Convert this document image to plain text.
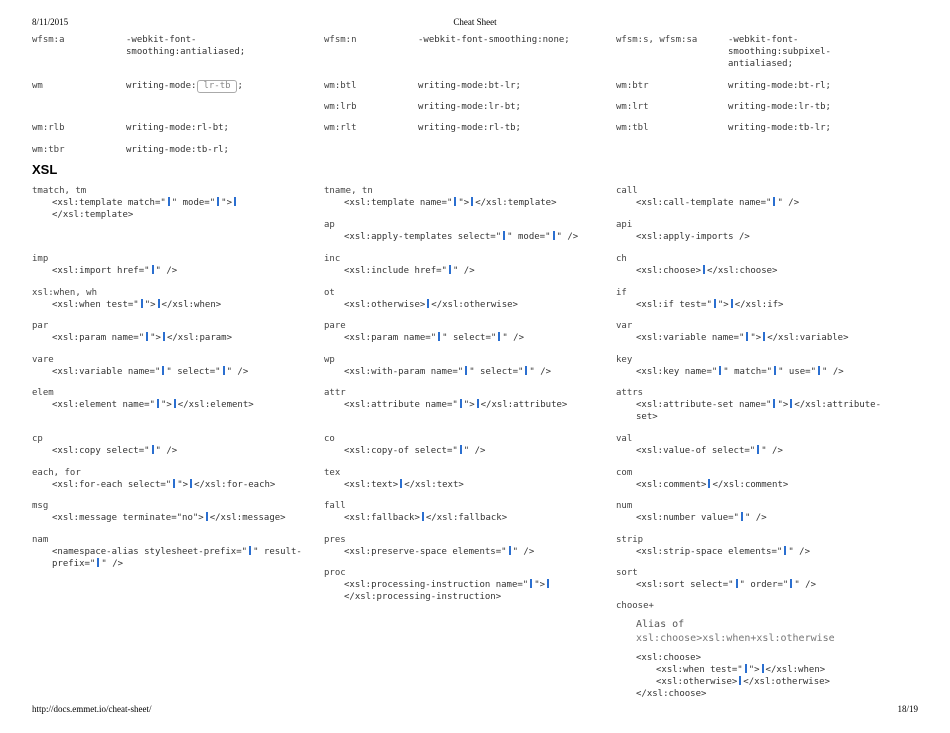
8/11/2015	Cheat Sheet
wfsm:a	-webkit-font-
smoothing:antialiased;
wm	writing-mode: lr-tb ;
wm:rlb	writing-mode:rl-bt;
wm:tbr	writing-mode:tb-rl;
wfsm:n	-webkit-font-smoothing:none;
wm:btl	writing-mode:bt-lr;
wm:lrb	writing-mode:lr-bt;
wm:rlt	writing-mode:rl-tb;
wfsm:s, wfsm:sa	-webkit-font-
smoothing:subpixel-
antialiased;
wm:btr	writing-mode:bt-rl;
wm:lrt	writing-mode:lr-tb;
wm:tbl	writing-mode:tb-lr;
XSL
tmatch, tm
<xsl:template match=" " mode=" ">
</xsl:template>
imp
<xsl:import href=" " />
xsl:when, wh
<xsl:when test=" "> </xsl:when>
par
<xsl:param name=" "> </xsl:param>
vare
<xsl:variable name=" " select=" " />
elem
<xsl:element name=" "> </xsl:element>
cp
<xsl:copy select=" " />
each, for
<xsl:for-each select=" "> </xsl:for-each>
msg
<xsl:message terminate="no"> </xsl:message>
nam
<namespace-alias stylesheet-prefix=" " result-
prefix=" " />
tname, tn
<xsl:template name=" "> </xsl:template>
ap
<xsl:apply-templates select=" " mode=" " />
inc
<xsl:include href=" " />
ot
<xsl:otherwise> </xsl:otherwise>
pare
<xsl:param name=" " select=" " />
wp
<xsl:with-param name=" " select=" " />
attr
<xsl:attribute name=" "> </xsl:attribute>
co
<xsl:copy-of select=" " />
tex
<xsl:text> </xsl:text>
fall
<xsl:fallback> </xsl:fallback>
pres
<xsl:preserve-space elements=" " />
proc
<xsl:processing-instruction name=" ">
</xsl:processing-instruction>
call
<xsl:call-template name=" " />
api
<xsl:apply-imports />
ch
<xsl:choose> </xsl:choose>
if
<xsl:if test=" "> </xsl:if>
var
<xsl:variable name=" "> </xsl:variable>
key
<xsl:key name=" " match=" " use=" " />
attrs
<xsl:attribute-set name=" "> </xsl:attribute-
set>
val
<xsl:value-of select=" " />
com
<xsl:comment> </xsl:comment>
num
<xsl:number value=" " />
strip
<xsl:strip-space elements=" " />
sort
<xsl:sort select=" " order=" " />
choose+
Alias of xsl:choose>xsl:when+xsl:otherwise
<xsl:choose>
<xsl:when test=" "> </xsl:when>
<xsl:otherwise> </xsl:otherwise>
</xsl:choose>
http://docs.emmet.io/cheat-sheet/	18/19
